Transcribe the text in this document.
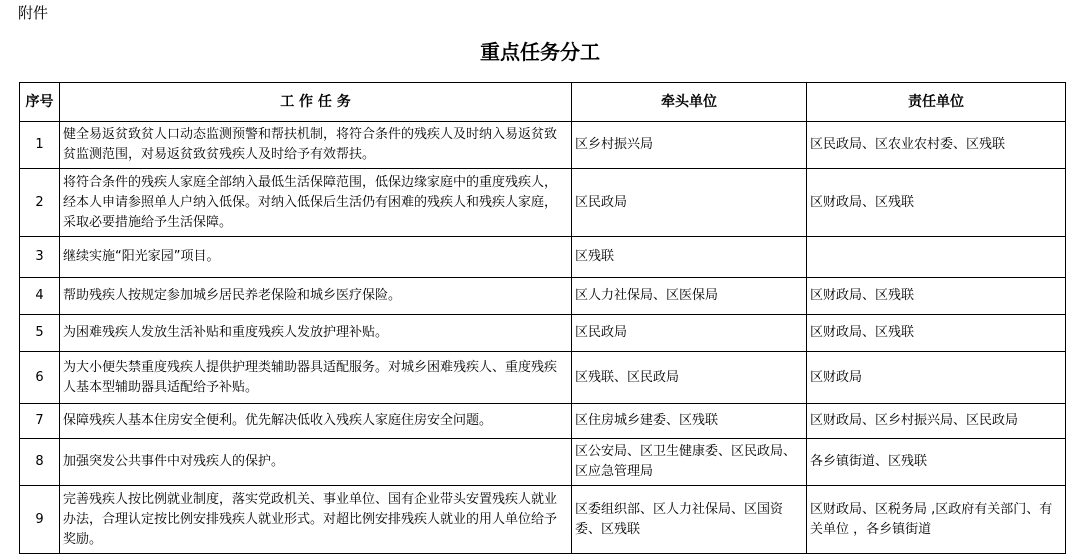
附件
重点任务分工
序号	工 作 任 务	牵头单位	责任单位
1	健全易返贫致贫人口动态监测预警和帮扶机制，将符合条件的残疾人及时纳入易返贫致贫监测范围，对易返贫致贫残疾人及时给予有效帮扶。	区乡村振兴局	区民政局、区农业农村委、区残联
2	将符合条件的残疾人家庭全部纳入最低生活保障范围，低保边缘家庭中的重度残疾人，经本人申请参照单人户纳入低保。对纳入低保后生活仍有困难的残疾人和残疾人家庭，采取必要措施给予生活保障。	区民政局	区财政局、区残联
3	继续实施“阳光家园”项目。	区残联	
4	帮助残疾人按规定参加城乡居民养老保险和城乡医疗保险。	区人力社保局、区医保局	区财政局、区残联
5	为困难残疾人发放生活补贴和重度残疾人发放护理补贴。	区民政局	区财政局、区残联
6	为大小便失禁重度残疾人提供护理类辅助器具适配服务。对城乡困难残疾人、重度残疾人基本型辅助器具适配给予补贴。	区残联、区民政局	区财政局
7	保障残疾人基本住房安全便利。优先解决低收入残疾人家庭住房安全问题。	区住房城乡建委、区残联	区财政局、区乡村振兴局、区民政局
8	加强突发公共事件中对残疾人的保护。	区公安局、区卫生健康委、区民政局、区应急管理局	各乡镇街道、区残联
9	完善残疾人按比例就业制度，落实党政机关、事业单位、国有企业带头安置残疾人就业办法，合理认定按比例安排残疾人就业形式。对超比例安排残疾人就业的用人单位给予奖励。	区委组织部、区人力社保局、区国资委、区残联	区财政局、区税务局 ,区政府有关部门、有关单位 ，各乡镇街道
